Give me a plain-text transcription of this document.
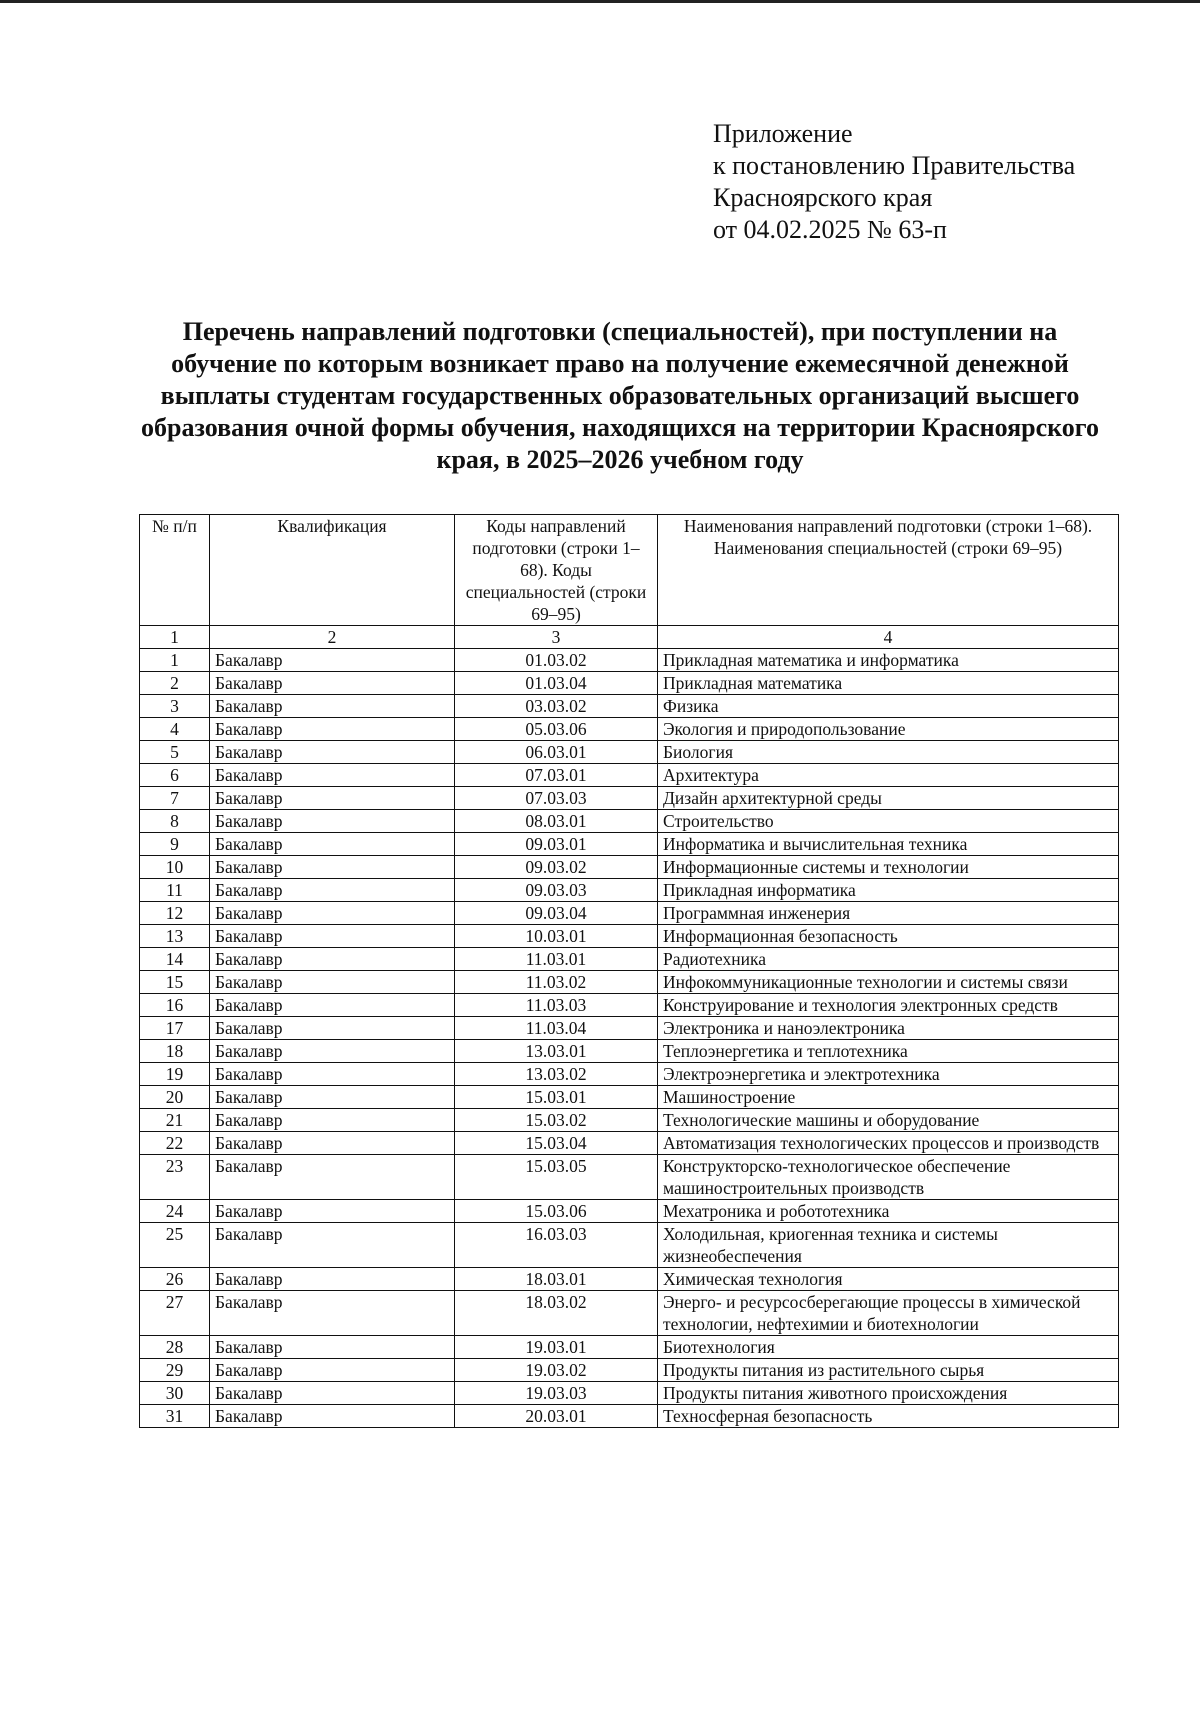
Приложение
к постановлению Правительства
Красноярского края
от 04.02.2025 № 63-п
Перечень направлений подготовки (специальностей), при поступлении на обучение по которым возникает право на получение ежемесячной денежной выплаты студентам государственных образовательных организаций высшего образования очной формы обучения, находящихся на территории Красноярского края, в 2025–2026 учебном году
№ п/п	Квалификация	Коды направлений подготовки (строки 1–68). Коды специальностей (строки 69–95)	Наименования направлений подготовки (строки 1–68). Наименования специальностей (строки 69–95)
1	2	3	4
1	Бакалавр	01.03.02	Прикладная математика и информатика
2	Бакалавр	01.03.04	Прикладная математика
3	Бакалавр	03.03.02	Физика
4	Бакалавр	05.03.06	Экология и природопользование
5	Бакалавр	06.03.01	Биология
6	Бакалавр	07.03.01	Архитектура
7	Бакалавр	07.03.03	Дизайн архитектурной среды
8	Бакалавр	08.03.01	Строительство
9	Бакалавр	09.03.01	Информатика и вычислительная техника
10	Бакалавр	09.03.02	Информационные системы и технологии
11	Бакалавр	09.03.03	Прикладная информатика
12	Бакалавр	09.03.04	Программная инженерия
13	Бакалавр	10.03.01	Информационная безопасность
14	Бакалавр	11.03.01	Радиотехника
15	Бакалавр	11.03.02	Инфокоммуникационные технологии и системы связи
16	Бакалавр	11.03.03	Конструирование и технология электронных средств
17	Бакалавр	11.03.04	Электроника и наноэлектроника
18	Бакалавр	13.03.01	Теплоэнергетика и теплотехника
19	Бакалавр	13.03.02	Электроэнергетика и электротехника
20	Бакалавр	15.03.01	Машиностроение
21	Бакалавр	15.03.02	Технологические машины и оборудование
22	Бакалавр	15.03.04	Автоматизация технологических процессов и производств
23	Бакалавр	15.03.05	Конструкторско-технологическое обеспечение машиностроительных производств
24	Бакалавр	15.03.06	Мехатроника и робототехника
25	Бакалавр	16.03.03	Холодильная, криогенная техника и системы жизнеобеспечения
26	Бакалавр	18.03.01	Химическая технология
27	Бакалавр	18.03.02	Энерго- и ресурсосберегающие процессы в химической технологии, нефтехимии и биотехнологии
28	Бакалавр	19.03.01	Биотехнология
29	Бакалавр	19.03.02	Продукты питания из растительного сырья
30	Бакалавр	19.03.03	Продукты питания животного происхождения
31	Бакалавр	20.03.01	Техносферная безопасность
